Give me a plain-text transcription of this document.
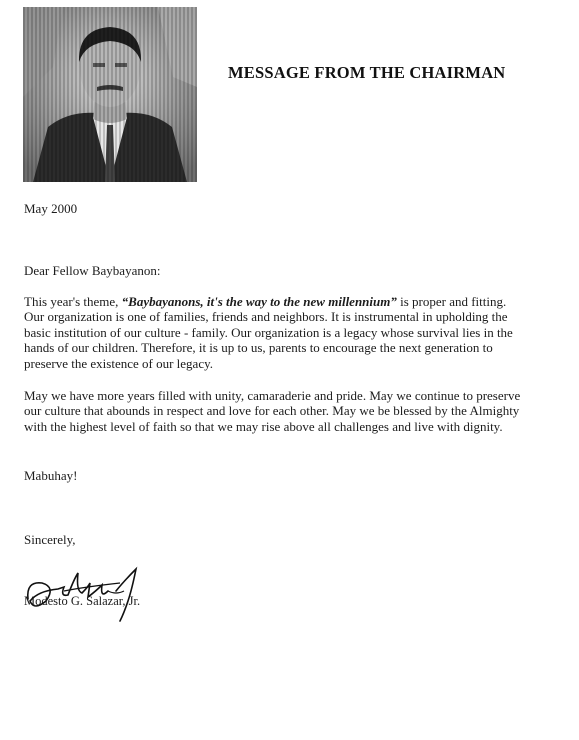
MESSAGE FROM THE CHAIRMAN
May 2000
Dear Fellow Baybayanon:
This year's theme, “Baybayanons, it's the way to the new millennium” is proper and fitting. Our organization is one of families, friends and neighbors. It is instrumental in upholding the basic institution of our culture - family. Our organization is a legacy whose survival lies in the hands of our children. Therefore, it is up to us, parents to encourage the next generation to preserve the existence of our legacy.
May we have more years filled with unity, camaraderie and pride. May we continue to preserve our culture that abounds in respect and love for each other. May we be blessed by the Almighty with the highest level of faith so that we may rise above all challenges and live with dignity.
Mabuhay!
Sincerely,
Modesto G. Salazar, Jr.
